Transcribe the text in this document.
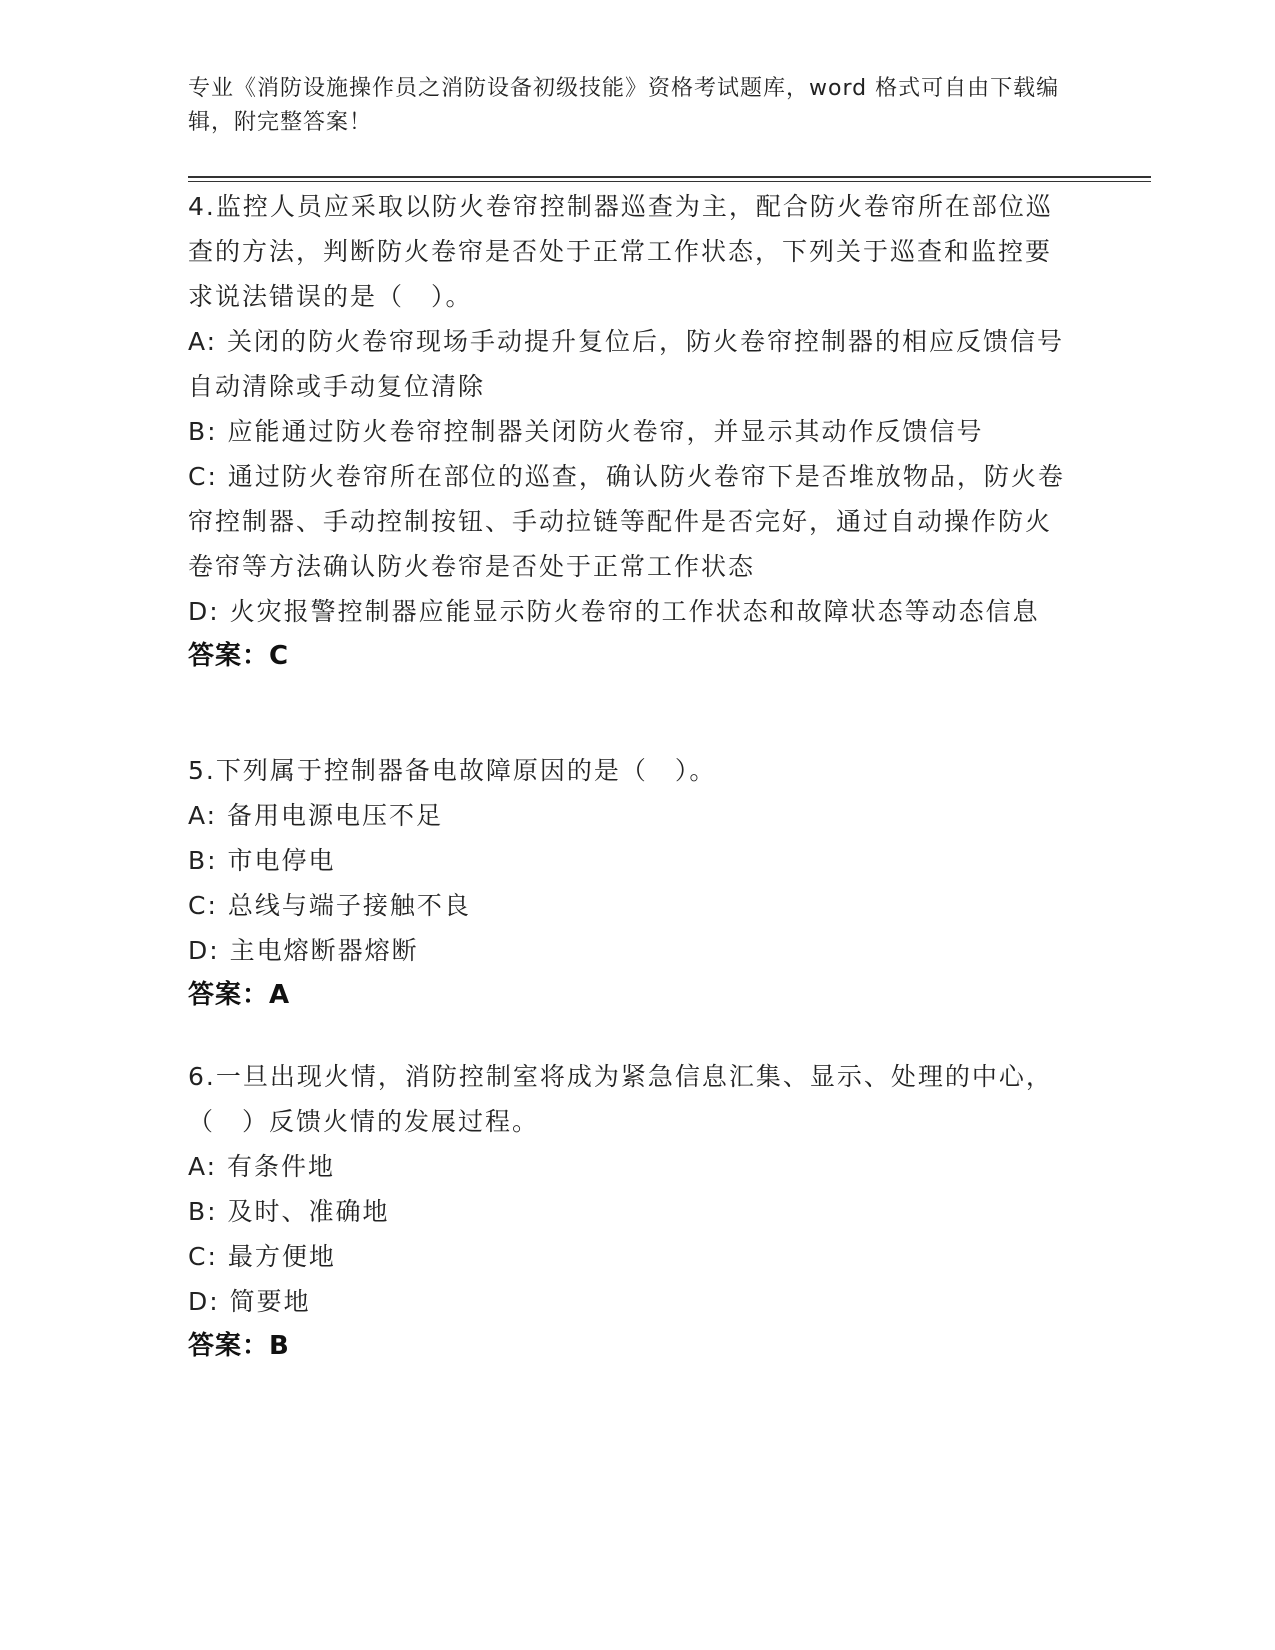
专业《消防设施操作员之消防设备初级技能》资格考试题库，word 格式可自由下载编辑，附完整答案！
4.监控人员应采取以防火卷帘控制器巡查为主，配合防火卷帘所在部位巡查的方法，判断防火卷帘是否处于正常工作状态，下列关于巡查和监控要求说法错误的是（　）。
A: 关闭的防火卷帘现场手动提升复位后，防火卷帘控制器的相应反馈信号自动清除或手动复位清除
B: 应能通过防火卷帘控制器关闭防火卷帘，并显示其动作反馈信号
C: 通过防火卷帘所在部位的巡查，确认防火卷帘下是否堆放物品，防火卷帘控制器、手动控制按钮、手动拉链等配件是否完好，通过自动操作防火卷帘等方法确认防火卷帘是否处于正常工作状态
D: 火灾报警控制器应能显示防火卷帘的工作状态和故障状态等动态信息
答案：C
5.下列属于控制器备电故障原因的是（　）。
A: 备用电源电压不足
B: 市电停电
C: 总线与端子接触不良
D: 主电熔断器熔断
答案：A
6.一旦出现火情，消防控制室将成为紧急信息汇集、显示、处理的中心，（　）反馈火情的发展过程。
A: 有条件地
B: 及时、准确地
C: 最方便地
D: 简要地
答案：B
